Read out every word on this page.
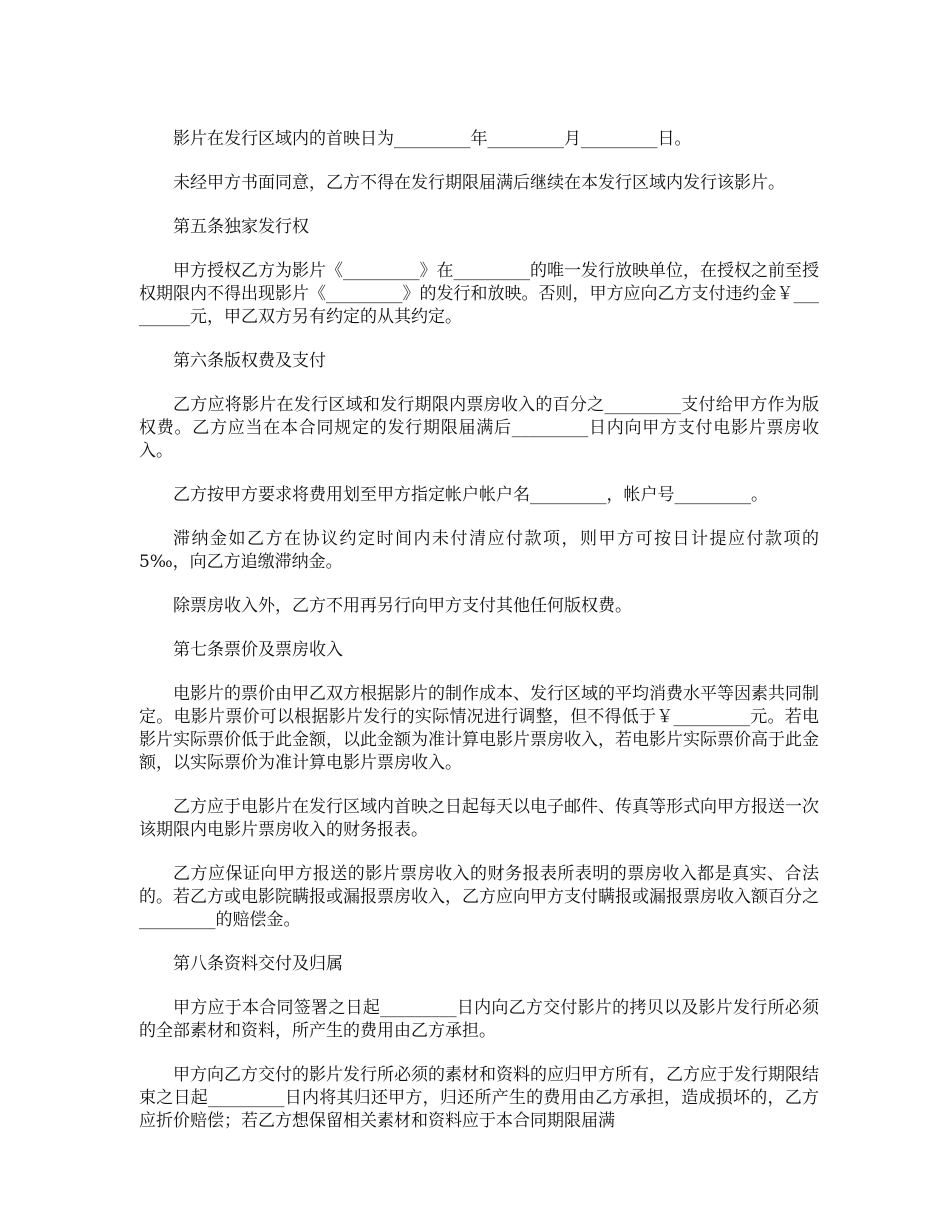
影片在发行区域内的首映日为_________年_________月_________日。

未经甲方书面同意，乙方不得在发行期限届满后继续在本发行区域内发行该影片。

第五条独家发行权

甲方授权乙方为影片《_________》在_________的唯一发行放映单位，在授权之前至授权期限内不得出现影片《_________》的发行和放映。否则，甲方应向乙方支付违约金￥_________元，甲乙双方另有约定的从其约定。

第六条版权费及支付

乙方应将影片在发行区域和发行期限内票房收入的百分之_________支付给甲方作为版权费。乙方应当在本合同规定的发行期限届满后_________日内向甲方支付电影片票房收入。

乙方按甲方要求将费用划至甲方指定帐户帐户名_________，帐户号_________。

滞纳金如乙方在协议约定时间内未付清应付款项，则甲方可按日计提应付款项的 5‰，向乙方追缴滞纳金。

除票房收入外，乙方不用再另行向甲方支付其他任何版权费。

第七条票价及票房收入

电影片的票价由甲乙双方根据影片的制作成本、发行区域的平均消费水平等因素共同制定。电影片票价可以根据影片发行的实际情况进行调整，但不得低于￥_________元。若电影片实际票价低于此金额，以此金额为准计算电影片票房收入，若电影片实际票价高于此金额，以实际票价为准计算电影片票房收入。

乙方应于电影片在发行区域内首映之日起每天以电子邮件、传真等形式向甲方报送一次该期限内电影片票房收入的财务报表。

乙方应保证向甲方报送的影片票房收入的财务报表所表明的票房收入都是真实、合法的。若乙方或电影院瞒报或漏报票房收入，乙方应向甲方支付瞒报或漏报票房收入额百分之_________的赔偿金。

第八条资料交付及归属

甲方应于本合同签署之日起_________日内向乙方交付影片的拷贝以及影片发行所必须的全部素材和资料，所产生的费用由乙方承担。

甲方向乙方交付的影片发行所必须的素材和资料的应归甲方所有，乙方应于发行期限结束之日起_________日内将其归还甲方，归还所产生的费用由乙方承担，造成损坏的，乙方应折价赔偿；若乙方想保留相关素材和资料应于本合同期限届满
